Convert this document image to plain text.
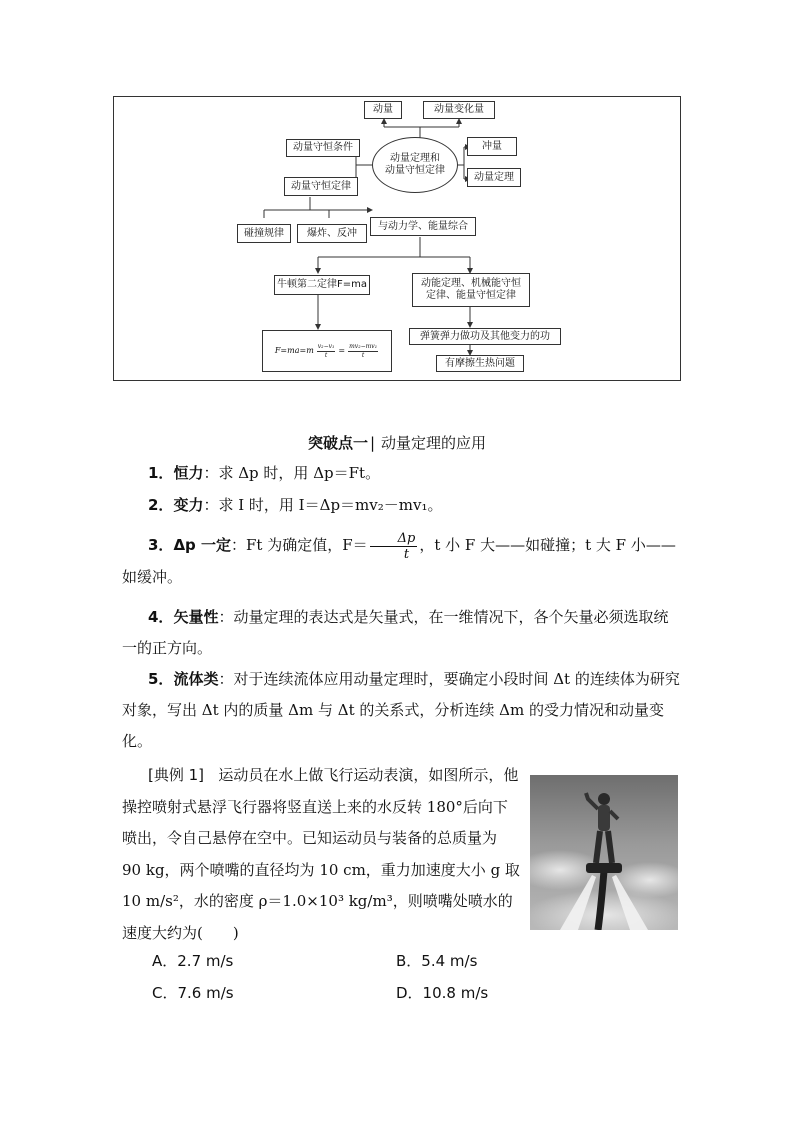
动量	动量变化量
动量守恒条件
动量定理和
动量守恒定律
冲量
动量定理
动量守恒定律
碰撞规律 爆炸、反冲
与动力学、能量综合
牛顿第二定律F=ma	动能定理、机械能守恒
定律、能量守恒定律
$F=ma=m \frac{\text{v₂−v₁}}{t} = \frac{\text{mv₂−mv₁}}{t}$
弹簧弹力做功及其他变力的功
有摩擦生热问题
突破点一 | 动量定理的应用
1．恒力：求 Δp 时，用 Δp＝Ft。
2．变力：求 I 时，用 I＝Δp＝mv₂－mv₁。
3．Δp 一定：Ft 为确定值，$F= \frac{\Delta p}{t}$ ，t 小 F 大——如碰撞；t 大 F 小——如缓冲。
4．矢量性：动量定理的表达式是矢量式，在一维情况下，各个矢量必须选取统一的正方向。
5．流体类：对于连续流体应用动量定理时，要确定小段时间 Δt 的连续体为研究对象，写出 Δt 内的质量 Δm 与 Δt 的关系式，分析连续 Δm 的受力情况和动量变化。
[典例 1] 运动员在水上做飞行运动表演，如图所示，他操控喷射式悬浮飞行器将竖直送上来的水反转 180°后向下喷出，令自己悬停在空中。已知运动员与装备的总质量为 90 kg，两个喷嘴的直径均为 10 cm，重力加速度大小 g 取 10 m/s²，水的密度 ρ＝1.0×10³ kg/m³，则喷嘴处喷水的速度大约为(　　)
A．2.7 m/s	B．5.4 m/s
C．7.6 m/s	D．10.8 m/s
